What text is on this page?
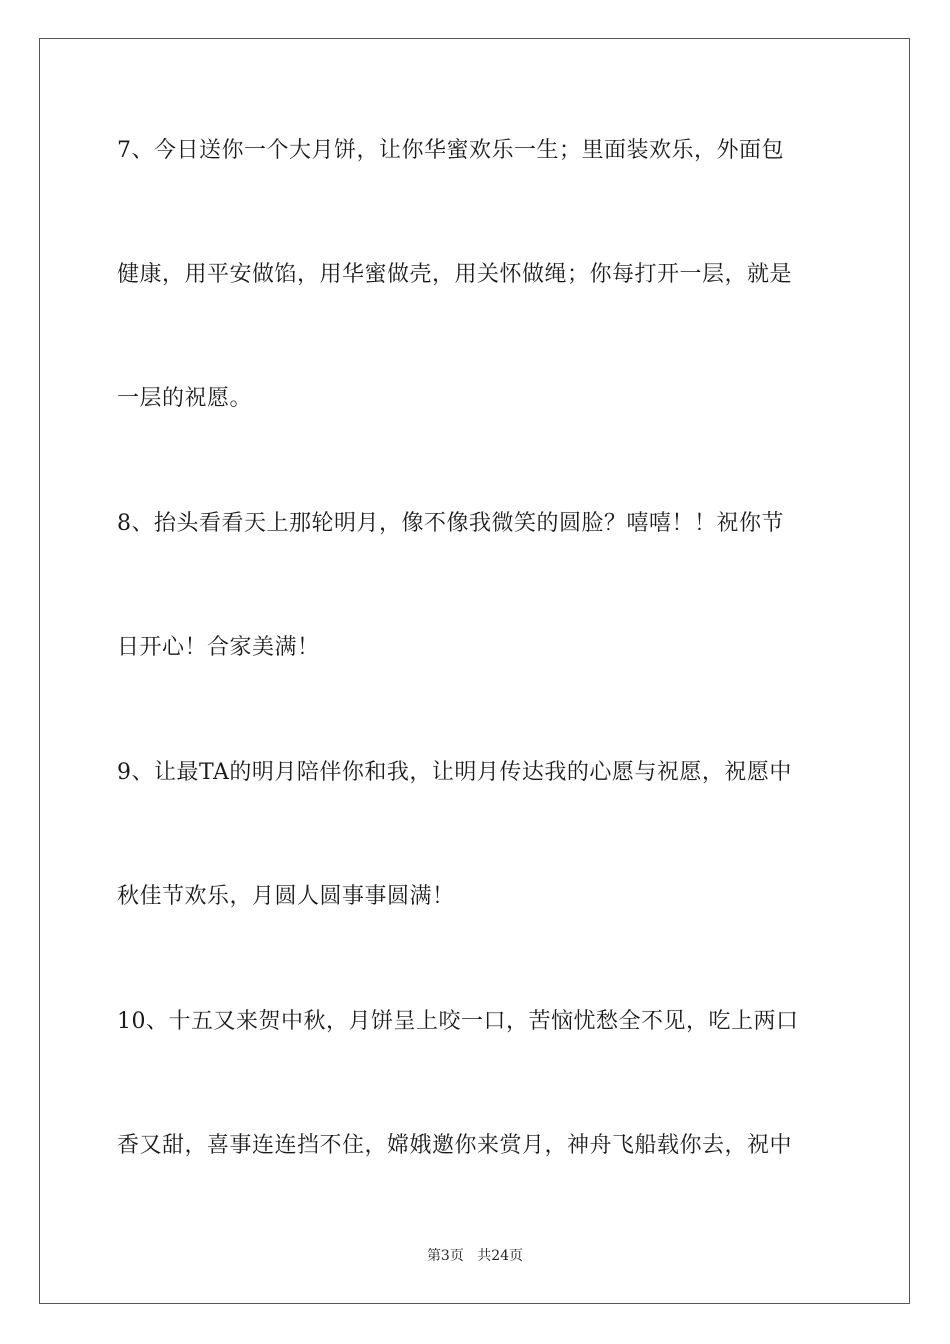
7、今日送你一个大月饼，让你华蜜欢乐一生；里面装欢乐，外面包
健康，用平安做馅，用华蜜做壳，用关怀做绳；你每打开一层，就是
一层的祝愿。
8、抬头看看天上那轮明月，像不像我微笑的圆脸？嘻嘻！！祝你节
日开心！合家美满！
9、让最TA的明月陪伴你和我，让明月传达我的心愿与祝愿，祝愿中
秋佳节欢乐，月圆人圆事事圆满！
10、十五又来贺中秋，月饼呈上咬一口，苦恼忧愁全不见，吃上两口
香又甜，喜事连连挡不住，嫦娥邀你来赏月，神舟飞船载你去，祝中
第3页 共24页
